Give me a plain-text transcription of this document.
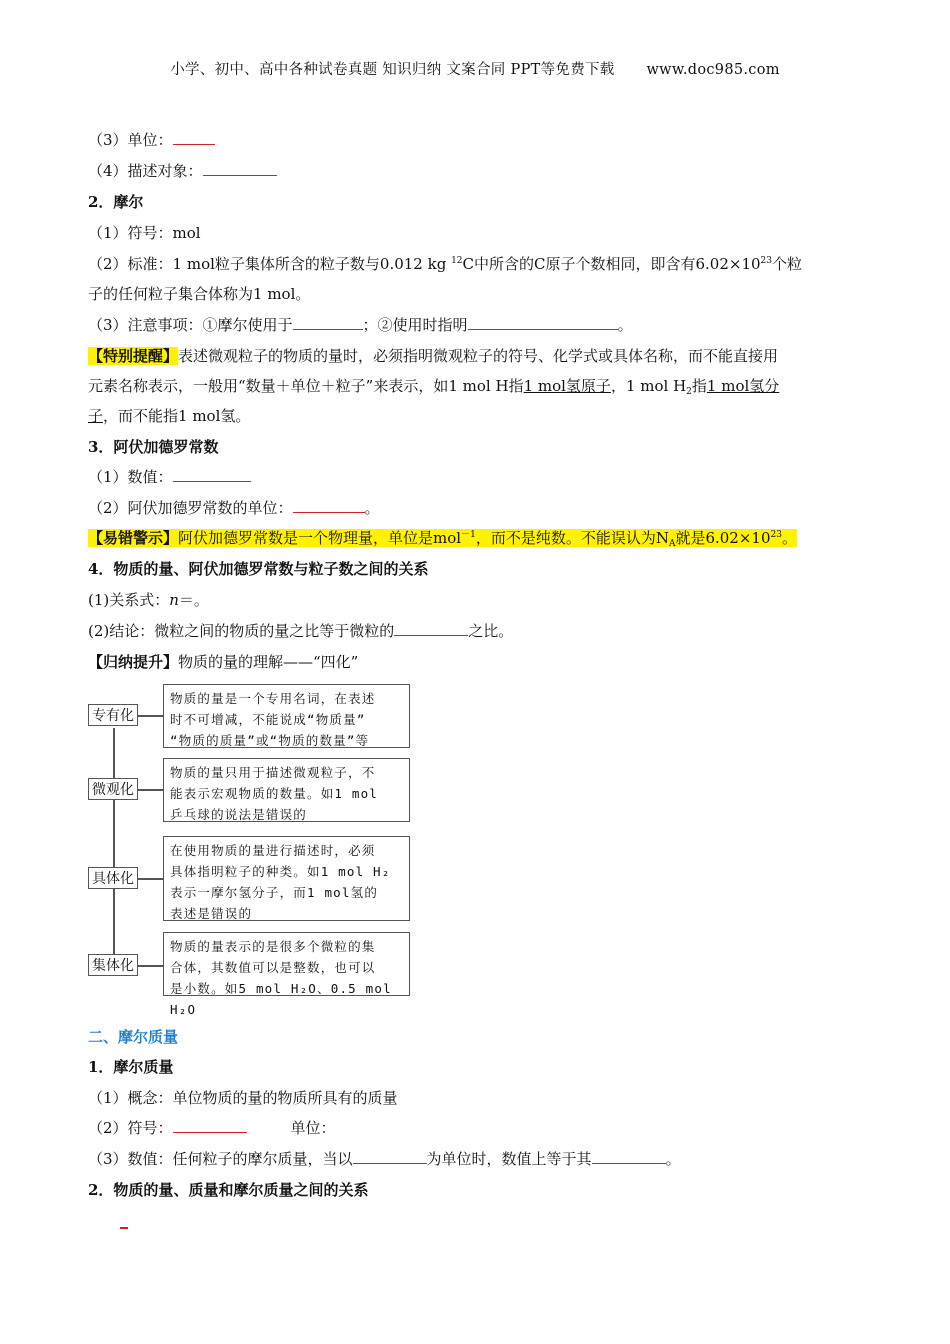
小学、初中、高中各种试卷真题 知识归纳 文案合同 PPT等免费下载 www.doc985.com
（3）单位：
（4）描述对象：
2．摩尔
（1）符号：mol
（2）标准：1 mol粒子集体所含的粒子数与0.012 kg $^{12}$C中所含的C原子个数相同，即含有$6.02\times 10^{23}$个粒
子的任何粒子集合体称为1 mol。
（3）注意事项：①摩尔使用于	；②使用时指明	。
【特别提醒】表述微观粒子的物质的量时，必须指明微观粒子的符号、化学式或具体名称，而不能直接用
元素名称表示，一般用“数量＋单位＋粒子”来表示，如1 mol H指1 mol氢原子，1 mol $H_2$指1 mol氢分
子，而不能指1 mol氢。
3．阿伏加德罗常数
（1）数值：
（2）阿伏加德罗常数的单位：	。
【易错警示】阿伏加德罗常数是一个物理量，单位是mol$^{-1}$，而不是纯数。不能误认为$N_A$就是$6.02\times 10^{23}$。
4．物质的量、阿伏加德罗常数与粒子数之间的关系
(1)关系式：n＝。
(2)结论：微粒之间的物质的量之比等于微粒的	之比。
【归纳提升】物质的量的理解——“四化”
专有化
物质的量是一个专用名词，在表述
时不可增减，不能说成“物质量”
“物质的质量”或“物质的数量”等
微观化
物质的量只用于描述微观粒子，不
能表示宏观物质的数量。如1 mol
乒乓球的说法是错误的
具体化
在使用物质的量进行描述时，必须
具体指明粒子的种类。如1 mol H₂
表示一摩尔氢分子，而1 mol氢的
表述是错误的
集体化
物质的量表示的是很多个微粒的集
合体，其数值可以是整数，也可以
是小数。如5 mol H₂O、0.5 mol H₂O
二、摩尔质量
1．摩尔质量
（1）概念：单位物质的量的物质所具有的质量
（2）符号：	单位：
（3）数值：任何粒子的摩尔质量，当以	为单位时，数值上等于其	。
2．物质的量、质量和摩尔质量之间的关系
